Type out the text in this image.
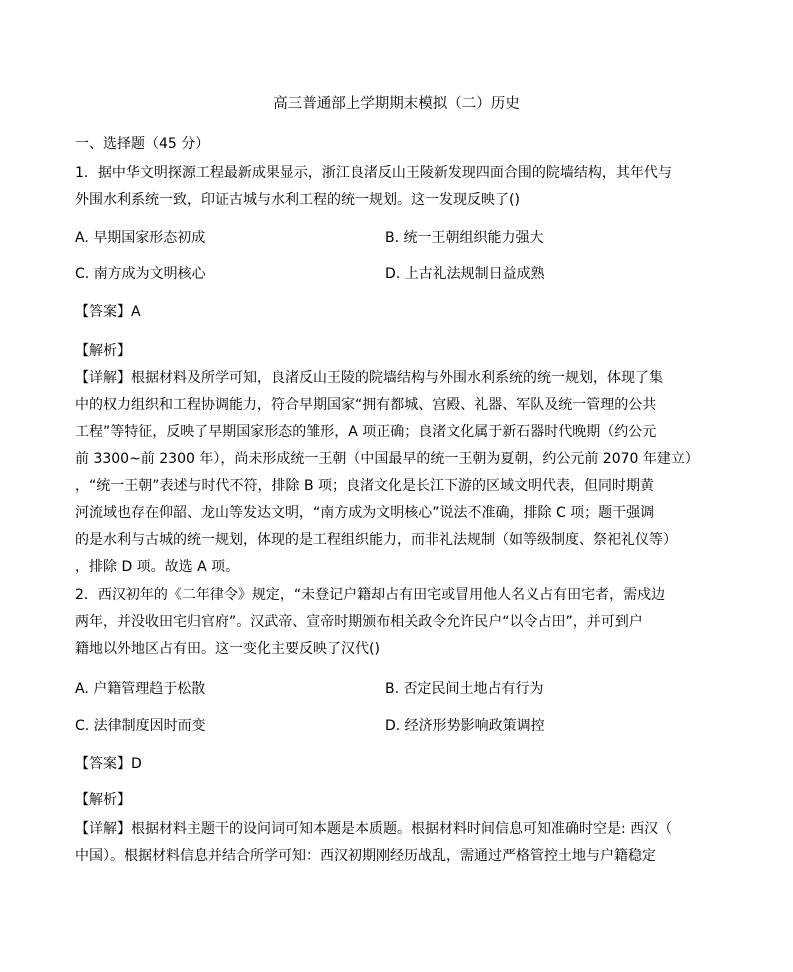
高三普通部上学期期末模拟（二）历史
一、选择题（45 分）
1．据中华文明探源工程最新成果显示，浙江良渚反山王陵新发现四面合围的院墙结构，其年代与
外围水利系统一致，印证古城与水利工程的统一规划。这一发现反映了()
A. 早期国家形态初成	B. 统一王朝组织能力强大
C. 南方成为文明核心	D. 上古礼法规制日益成熟
【答案】A
【解析】
【详解】根据材料及所学可知，良渚反山王陵的院墙结构与外围水利系统的统一规划，体现了集
中的权力组织和工程协调能力，符合早期国家“拥有都城、宫殿、礼器、军队及统一管理的公共
工程”等特征，反映了早期国家形态的雏形，A 项正确；良渚文化属于新石器时代晚期（约公元
前 3300~前 2300 年），尚未形成统一王朝（中国最早的统一王朝为夏朝，约公元前 2070 年建立）
，“统一王朝”表述与时代不符，排除 B 项；良渚文化是长江下游的区域文明代表，但同时期黄
河流域也存在仰韶、龙山等发达文明，“南方成为文明核心”说法不准确，排除 C 项；题干强调
的是水利与古城的统一规划，体现的是工程组织能力，而非礼法规制（如等级制度、祭祀礼仪等）
，排除 D 项。故选 A 项。
2．西汉初年的《二年律令》规定，“未登记户籍却占有田宅或冒用他人名义占有田宅者，需戍边
两年，并没收田宅归官府”。汉武帝、宣帝时期颁布相关政令允许民户“以令占田”，并可到户
籍地以外地区占有田。这一变化主要反映了汉代()
A. 户籍管理趋于松散	B. 否定民间土地占有行为
C. 法律制度因时而变	D. 经济形势影响政策调控
【答案】D
【解析】
【详解】根据材料主题干的设问词可知本题是本质题。根据材料时间信息可知准确时空是: 西汉（
中国）。根据材料信息并结合所学可知：西汉初期刚经历战乱，需通过严格管控土地与户籍稳定
